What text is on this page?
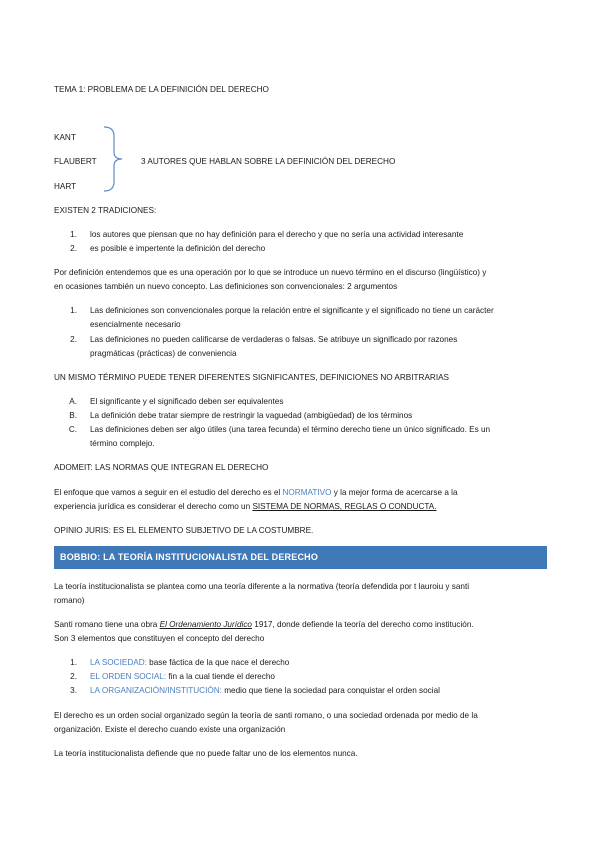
TEMA 1: PROBLEMA DE LA DEFINICIÓN DEL DERECHO
KANT
FLAUBERT
HART
3 AUTORES QUE HABLAN SOBRE LA DEFINICIÓN DEL DERECHO
EXISTEN 2 TRADICIONES:
1. los autores que piensan que no hay definición para el derecho y que no sería una actividad interesante
2. es posible e impertente la definición del derecho
Por definición entendemos que es una operación por lo que se introduce un nuevo término en el discurso (lingüístico) y
en ocasiones también un nuevo concepto. Las definiciones son convencionales: 2 argumentos
1. Las definiciones son convencionales porque la relación entre el significante y el significado no tiene un carácter
esencialmente necesario
2. Las definiciones no pueden calificarse de verdaderas o falsas. Se atribuye un significado por razones
pragmáticas (prácticas) de conveniencia
UN MISMO TÉRMINO PUEDE TENER DIFERENTES SIGNIFICANTES, DEFINICIONES NO ARBITRARIAS
A. El significante y el significado deben ser equivalentes
B. La definición debe tratar siempre de restringir la vaguedad (ambigüedad) de los términos
C. Las definiciones deben ser algo útiles (una tarea fecunda) el término derecho tiene un único significado. Es un
término complejo.
ADOMEIT: LAS NORMAS QUE INTEGRAN EL DERECHO
El enfoque que vamos a seguir en el estudio del derecho es el NORMATIVO y la mejor forma de acercarse a la
experiencia jurídica es considerar el derecho como un SISTEMA DE NORMAS, REGLAS O CONDUCTA.
OPINIO JURIS: ES EL ELEMENTO SUBJETIVO DE LA COSTUMBRE.
BOBBIO: LA TEORÍA INSTITUCIONALISTA DEL DERECHO
La teoría institucionalista se plantea como una teoría diferente a la normativa (teoría defendida por t lauroiu y santi
romano)
Santi romano tiene una obra El Ordenamiento Jurídico 1917, donde defiende la teoría del derecho como institución.
Son 3 elementos que constituyen el concepto del derecho
1. LA SOCIEDAD: base fáctica de la que nace el derecho
2. EL ORDEN SOCIAL: fin a la cual tiende el derecho
3. LA ORGANIZACIÓN/INSTITUCIÓN: medio que tiene la sociedad para conquistar el orden social
El derecho es un orden social organizado según la teoría de santi romano, o una sociedad ordenada por medio de la
organización. Existe el derecho cuando existe una organización
La teoría institucionalista defiende que no puede faltar uno de los elementos nunca.
